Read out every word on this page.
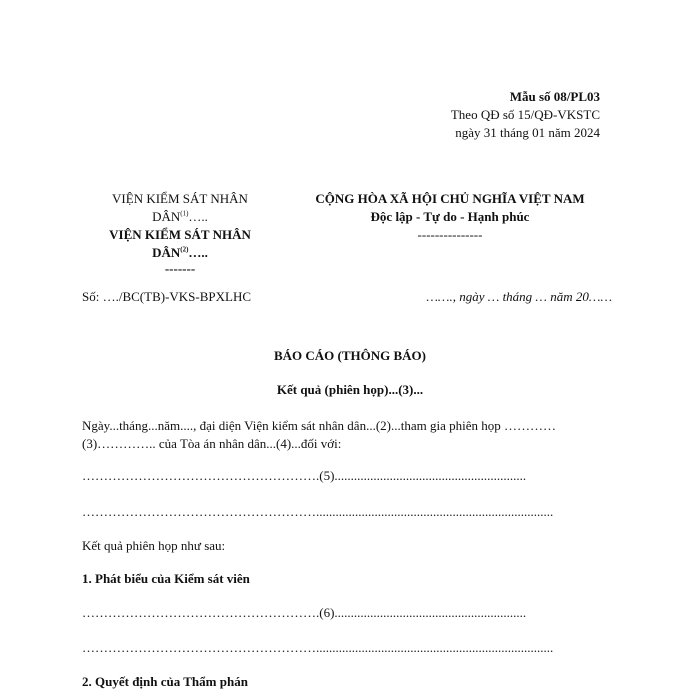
Mẫu số 08/PL03
Theo QĐ số 15/QĐ-VKSTC
ngày 31 tháng 01 năm 2024
VIỆN KIỂM SÁT NHÂN
DÂN$^{(1)}$…..
VIỆN KIỂM SÁT NHÂN
DÂN$^{(2)}$…..
-------
CỘNG HÒA XÃ HỘI CHỦ NGHĨA VIỆT NAM
Độc lập - Tự do - Hạnh phúc
---------------
Số: …./BC(TB)-VKS-BPXLHC	……., ngày … tháng … năm 20……
BÁO CÁO (THÔNG BÁO)
Kết quả (phiên họp)...(3)...
Ngày...tháng...năm...., đại diện Viện kiểm sát nhân dân...(2)...tham gia phiên họp …………(3)………….. của Tòa án nhân dân...(4)...đối với:
……………………………………………….(5)...........................................................
……………………………………………….........................................................................
Kết quả phiên họp như sau:
1. Phát biểu của Kiểm sát viên
……………………………………………….(6)...........................................................
……………………………………………….........................................................................
2. Quyết định của Thẩm phán
